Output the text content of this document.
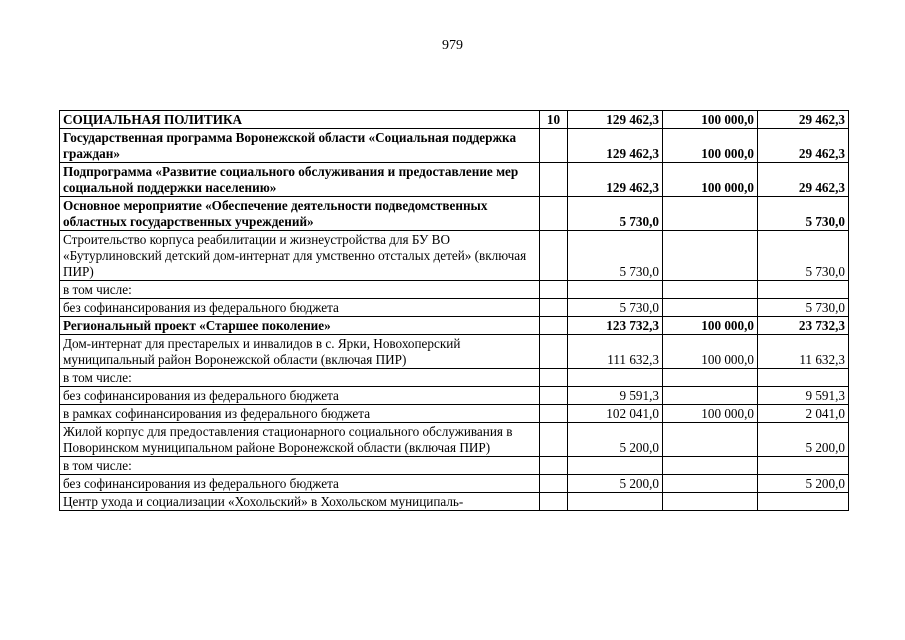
979
СОЦИАЛЬНАЯ ПОЛИТИКА	10	129 462,3	100 000,0	29 462,3
Государственная программа Воронежской области «Социальная поддержка граждан»		129 462,3	100 000,0	29 462,3
Подпрограмма «Развитие социального обслуживания и предоставление мер социальной поддержки населению»		129 462,3	100 000,0	29 462,3
Основное мероприятие «Обеспечение деятельности подведомственных областных государственных учреждений»		5 730,0		5 730,0
Строительство корпуса реабилитации и жизнеустройства для БУ ВО «Бутурлиновский детский дом-интернат для умственно отсталых детей» (включая ПИР)		5 730,0		5 730,0
в том числе:				
без софинансирования из федерального бюджета		5 730,0		5 730,0
Региональный проект «Старшее поколение»		123 732,3	100 000,0	23 732,3
Дом-интернат для престарелых и инвалидов в с. Ярки, Новохоперский муниципальный район Воронежской области (включая ПИР)		111 632,3	100 000,0	11 632,3
в том числе:				
без софинансирования из федерального бюджета		9 591,3		9 591,3
в рамках софинансирования из федерального бюджета		102 041,0	100 000,0	2 041,0
Жилой корпус для предоставления стационарного социального обслуживания в Поворинском муниципальном районе Воронежской области (включая ПИР)		5 200,0		5 200,0
в том числе:				
без софинансирования из федерального бюджета		5 200,0		5 200,0
Центр ухода и социализации «Хохольский» в Хохольском муниципаль-				
